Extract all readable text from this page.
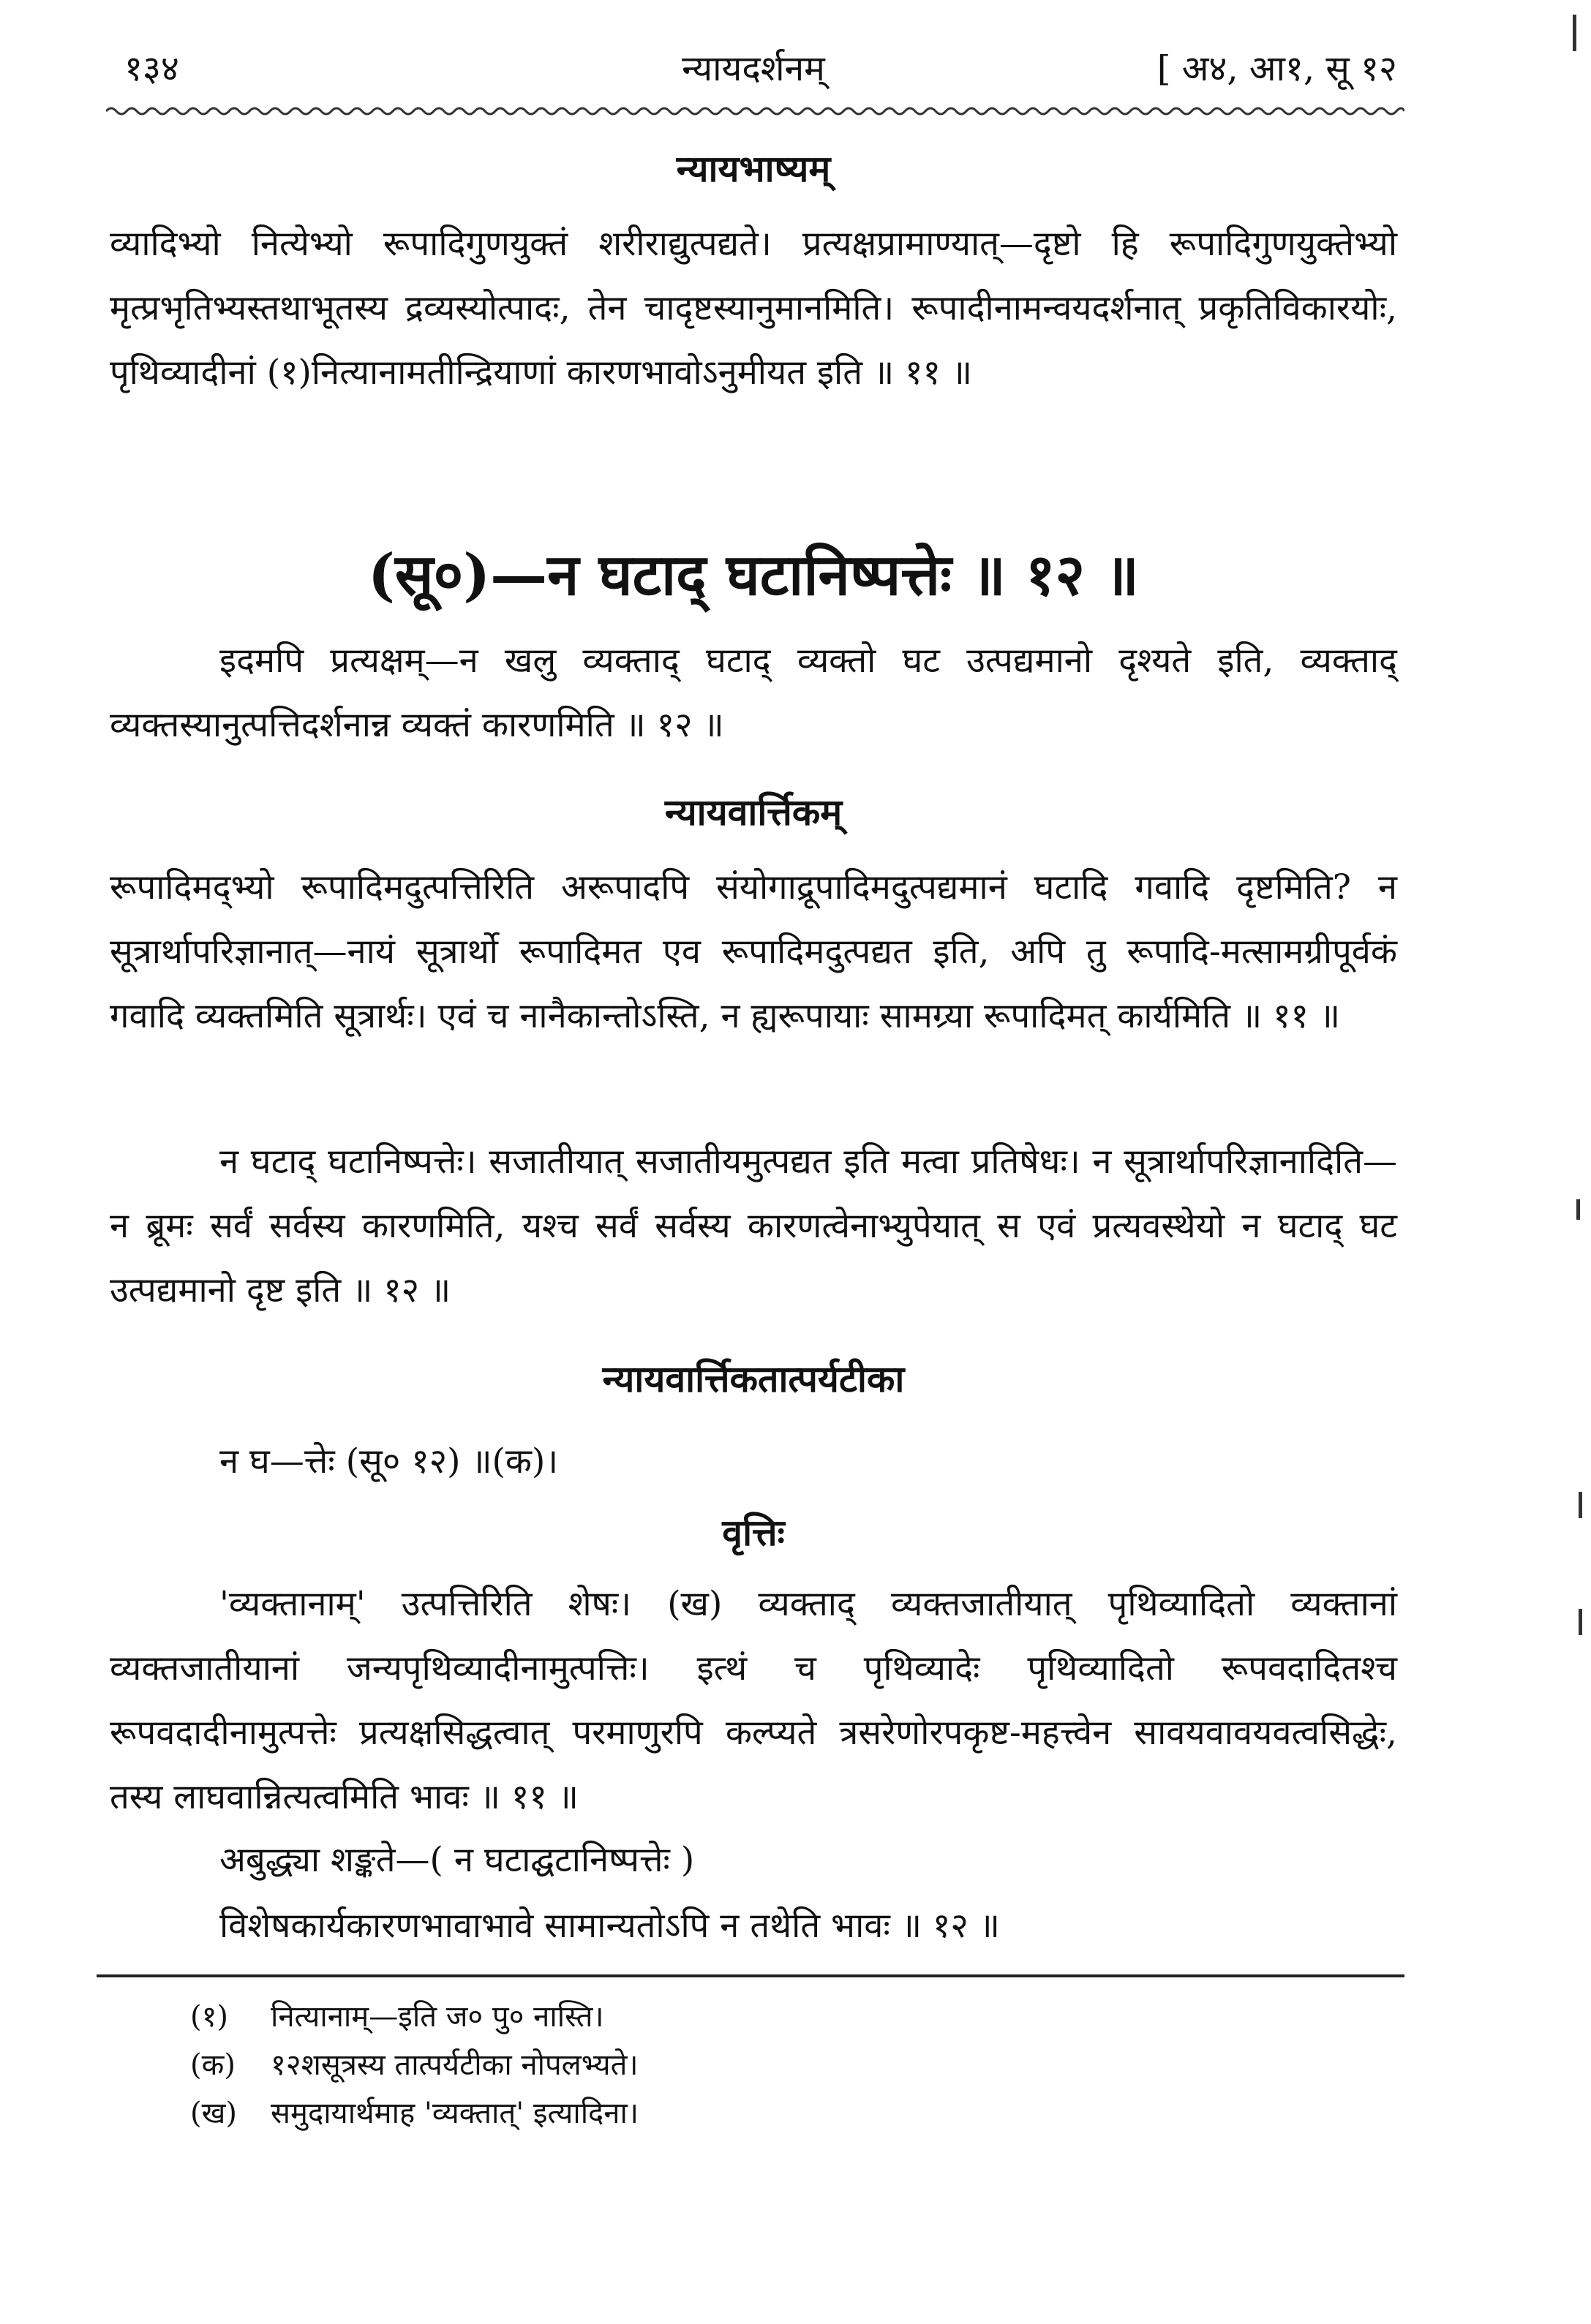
१३४	न्यायदर्शनम्	[ अ४, आ१, सू १२
न्यायभाष्यम्
व्यादिभ्यो नित्येभ्यो रूपादिगुणयुक्तं शरीराद्युत्पद्यते। प्रत्यक्षप्रामाण्यात्—दृष्टो हि रूपादिगुणयुक्तेभ्यो मृत्प्रभृतिभ्यस्तथाभूतस्य द्रव्यस्योत्पादः, तेन चादृष्टस्यानुमानमिति। रूपादीनामन्वयदर्शनात् प्रकृतिविकारयोः, पृथिव्यादीनां (१)नित्यानामतीन्द्रियाणां कारणभावोऽनुमीयत इति ॥ ११ ॥
(सू०)—न घटाद् घटानिष्पत्तेः ॥ १२ ॥
इदमपि प्रत्यक्षम्—न खलु व्यक्ताद् घटाद् व्यक्तो घट उत्पद्यमानो दृश्यते इति, व्यक्ताद् व्यक्तस्यानुत्पत्तिदर्शनान्न व्यक्तं कारणमिति ॥ १२ ॥
न्यायवार्त्तिकम्
रूपादिमद्भ्यो रूपादिमदुत्पत्तिरिति अरूपादपि संयोगाद्रूपादिमदुत्पद्यमानं घटादि गवादि दृष्टमिति? न सूत्रार्थापरिज्ञानात्—नायं सूत्रार्थो रूपादिमत एव रूपादिमदुत्पद्यत इति, अपि तु रूपादि-मत्सामग्रीपूर्वकं गवादि व्यक्तमिति सूत्रार्थः। एवं च नानैकान्तोऽस्ति, न ह्यरूपायाः सामग्र्या रूपादिमत् कार्यमिति ॥ ११ ॥
न घटाद् घटानिष्पत्तेः। सजातीयात् सजातीयमुत्पद्यत इति मत्वा प्रतिषेधः। न सूत्रार्थापरिज्ञानादिति—न ब्रूमः सर्वं सर्वस्य कारणमिति, यश्च सर्वं सर्वस्य कारणत्वेनाभ्युपेयात् स एवं प्रत्यवस्थेयो न घटाद् घट उत्पद्यमानो दृष्ट इति ॥ १२ ॥
न्यायवार्त्तिकतात्पर्यटीका
न घ—त्तेः (सू० १२) ॥(क)।
वृत्तिः
'व्यक्तानाम्' उत्पत्तिरिति शेषः। (ख) व्यक्ताद् व्यक्तजातीयात् पृथिव्यादितो व्यक्तानां व्यक्तजातीयानां जन्यपृथिव्यादीनामुत्पत्तिः। इत्थं च पृथिव्यादेः पृथिव्यादितो रूपवदादितश्च रूपवदादीनामुत्पत्तेः प्रत्यक्षसिद्धत्वात् परमाणुरपि कल्प्यते त्रसरेणोरपकृष्ट-महत्त्वेन सावयवावयवत्वसिद्धेः, तस्य लाघवान्नित्यत्वमिति भावः ॥ ११ ॥
अबुद्ध्या शङ्कते—( न घटाद्घटानिष्पत्तेः )
विशेषकार्यकारणभावाभावे सामान्यतोऽपि न तथेति भावः ॥ १२ ॥
(१) नित्यानाम्—इति ज० पु० नास्ति।
(क) १२शसूत्रस्य तात्पर्यटीका नोपलभ्यते।
(ख) समुदायार्थमाह 'व्यक्तात्' इत्यादिना।
